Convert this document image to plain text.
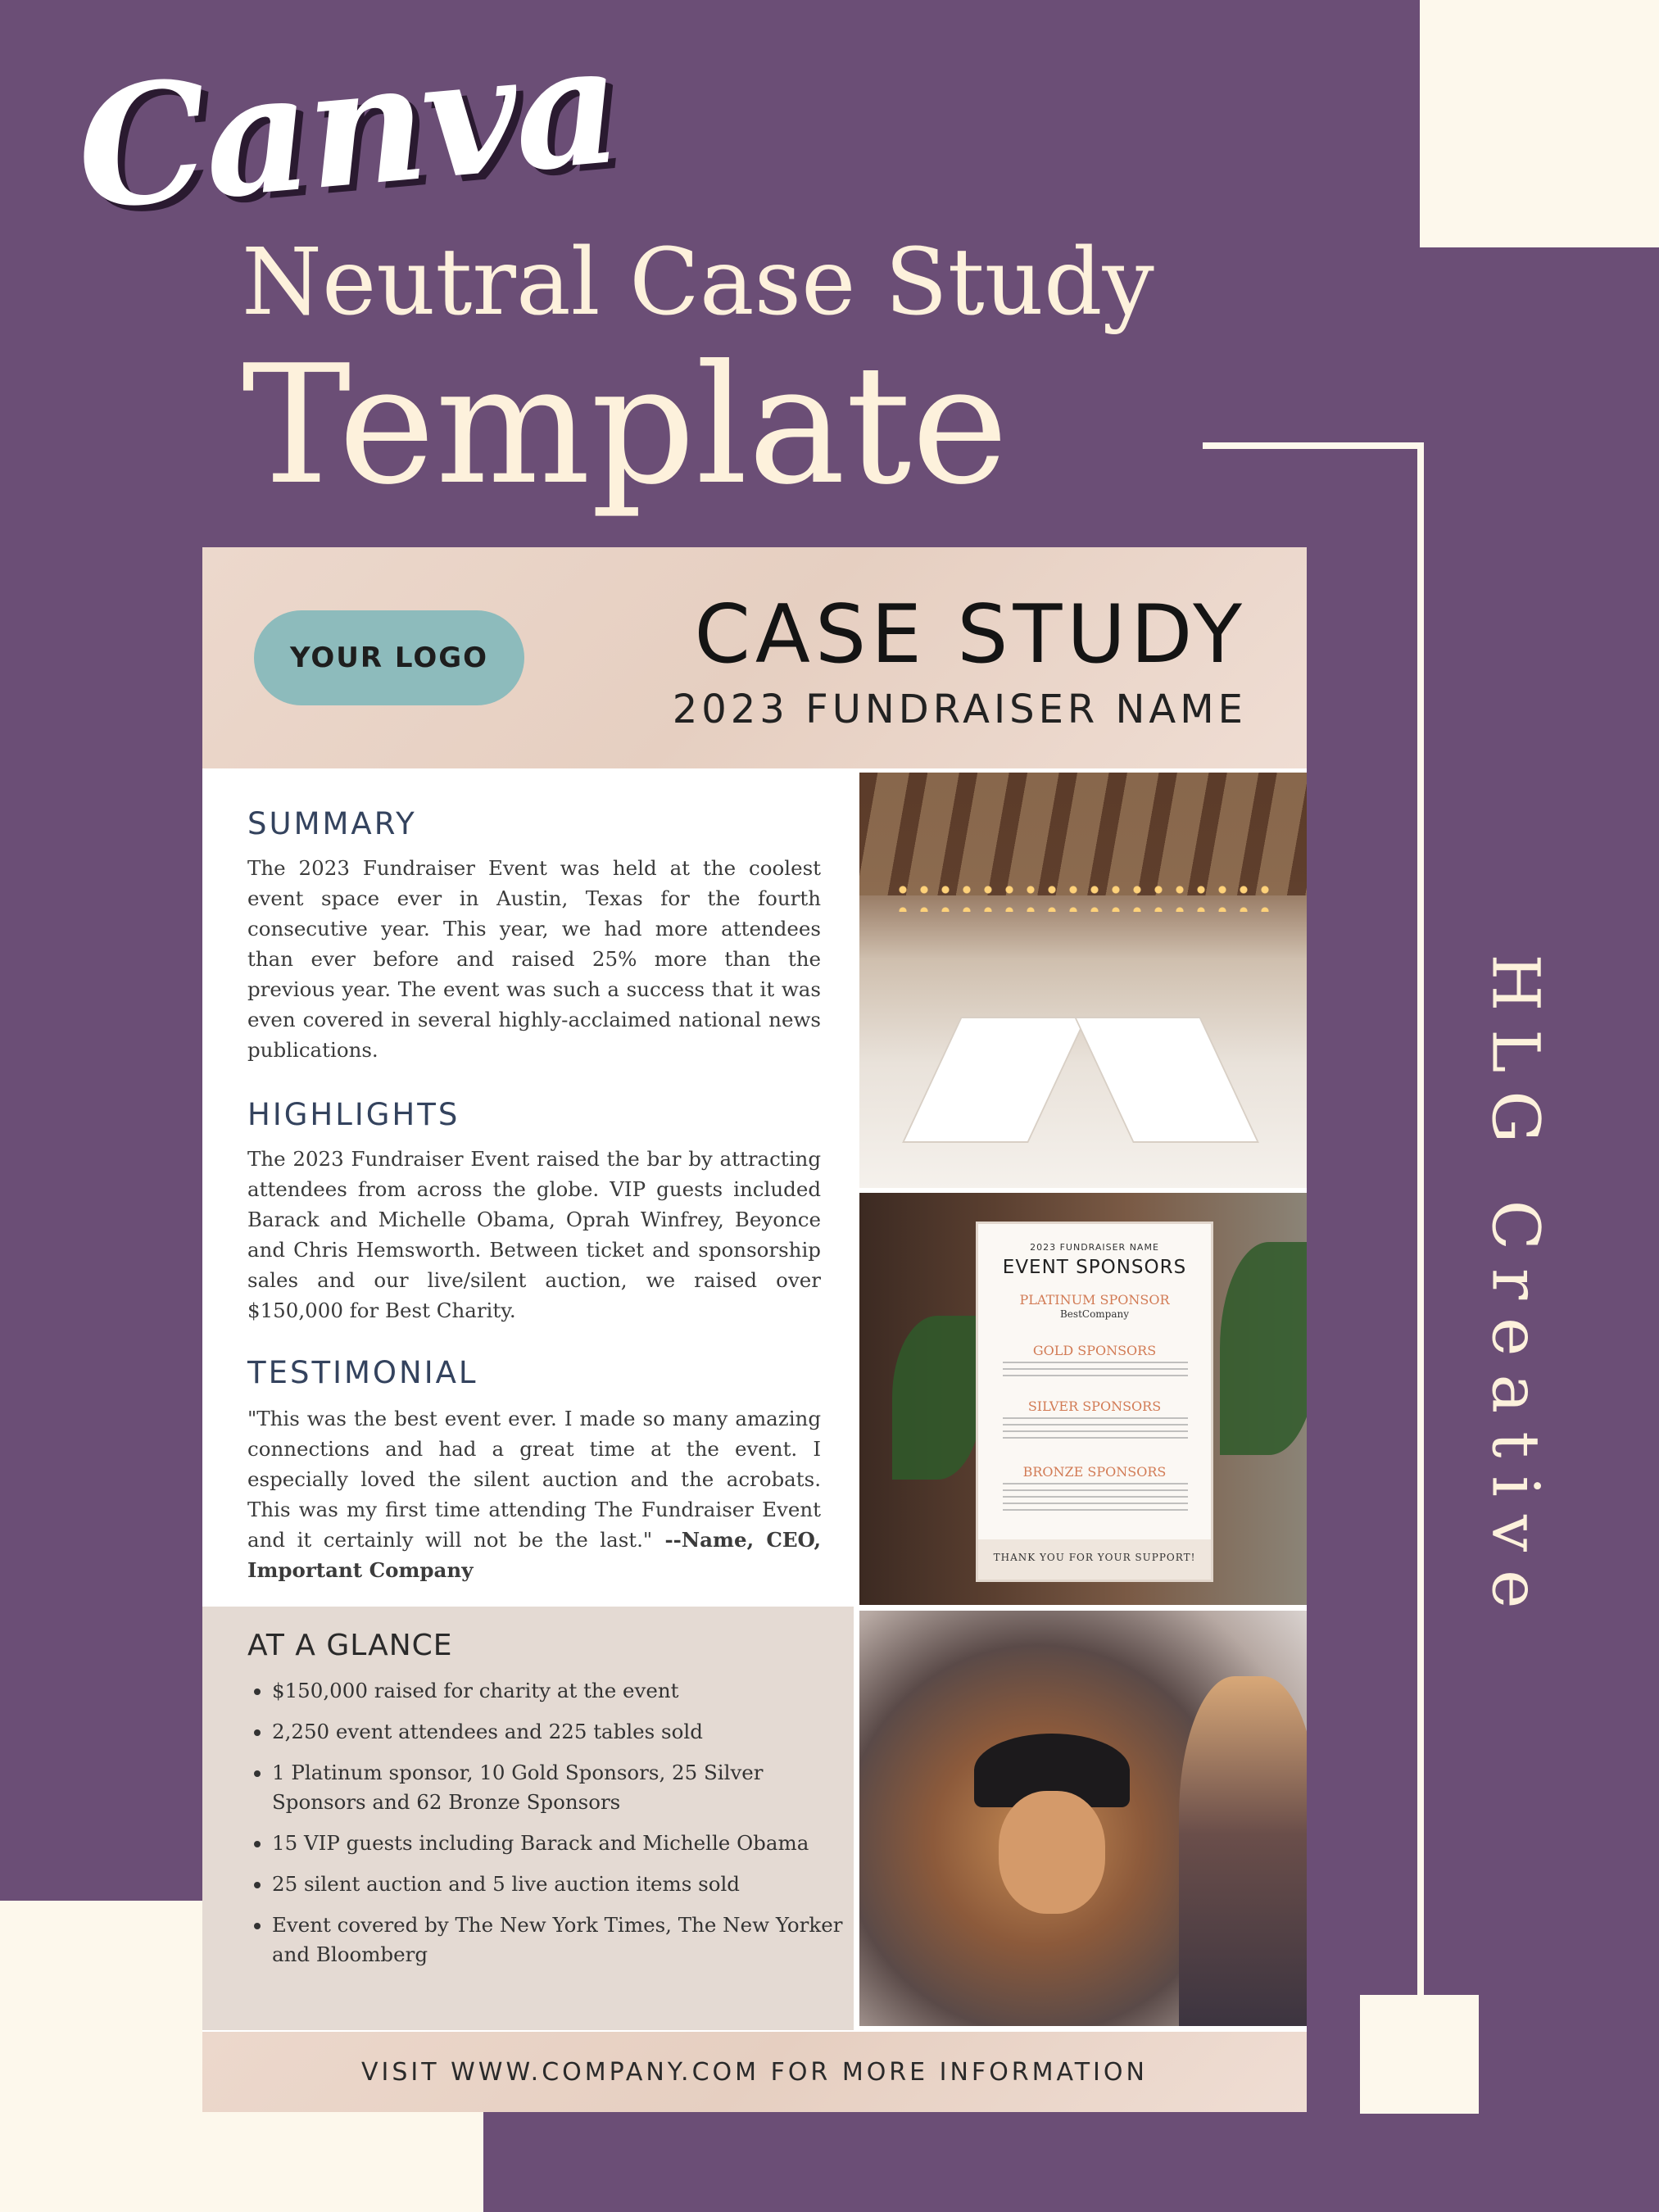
Canva
Neutral Case Study
Template
HLG Creative
YOUR LOGO	CASE STUDY
2023 FUNDRAISER NAME
SUMMARY
The 2023 Fundraiser Event was held at the coolest event space ever in Austin, Texas for the fourth consecutive year. This year, we had more attendees than ever before and raised 25% more than the previous year. The event was such a success that it was even covered in several highly-acclaimed national news publications.
HIGHLIGHTS
The 2023 Fundraiser Event raised the bar by attracting attendees from across the globe. VIP guests included Barack and Michelle Obama, Oprah Winfrey, Beyonce and Chris Hemsworth. Between ticket and sponsorship sales and our live/silent auction, we raised over $150,000 for Best Charity.
TESTIMONIAL
"This was the best event ever. I made so many amazing connections and had a great time at the event. I especially loved the silent auction and the acrobats. This was my first time attending The Fundraiser Event and it certainly will not be the last." --Name, CEO, Important Company
AT A GLANCE
• $150,000 raised for charity at the event
• 2,250 event attendees and 225 tables sold
• 1 Platinum sponsor, 10 Gold Sponsors, 25 Silver Sponsors and 62 Bronze Sponsors
• 15 VIP guests including Barack and Michelle Obama
• 25 silent auction and 5 live auction items sold
• Event covered by The New York Times, The New Yorker and Bloomberg
2023 FUNDRAISER NAME
EVENT SPONSORS
PLATINUM SPONSOR
BestCompany
GOLD SPONSORS
SILVER SPONSORS
BRONZE SPONSORS
THANK YOU FOR YOUR SUPPORT!
VISIT WWW.COMPANY.COM FOR MORE INFORMATION
